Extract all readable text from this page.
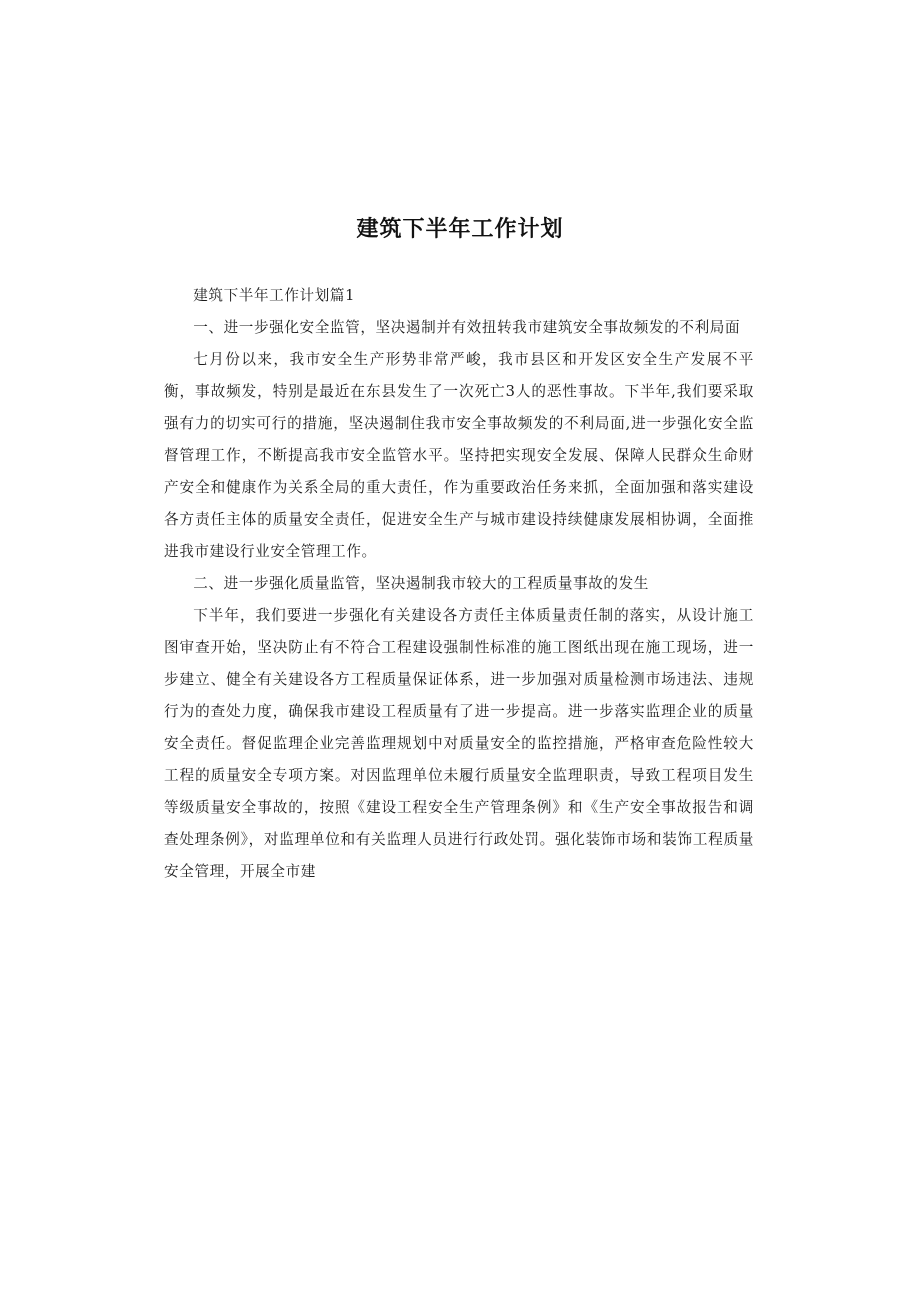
建筑下半年工作计划

建筑下半年工作计划篇1

一、进一步强化安全监管，坚决遏制并有效扭转我市建筑安全事故频发的不利局面

七月份以来，我市安全生产形势非常严峻，我市县区和开发区安全生产发展不平衡，事故频发，特别是最近在东县发生了一次死亡3人的恶性事故。下半年,我们要采取强有力的切实可行的措施，坚决遏制住我市安全事故频发的不利局面,进一步强化安全监督管理工作，不断提高我市安全监管水平。坚持把实现安全发展、保障人民群众生命财产安全和健康作为关系全局的重大责任，作为重要政治任务来抓，全面加强和落实建设各方责任主体的质量安全责任，促进安全生产与城市建设持续健康发展相协调，全面推进我市建设行业安全管理工作。

二、进一步强化质量监管，坚决遏制我市较大的工程质量事故的发生

下半年，我们要进一步强化有关建设各方责任主体质量责任制的落实，从设计施工图审查开始，坚决防止有不符合工程建设强制性标准的施工图纸出现在施工现场，进一步建立、健全有关建设各方工程质量保证体系，进一步加强对质量检测市场违法、违规行为的查处力度，确保我市建设工程质量有了进一步提高。进一步落实监理企业的质量安全责任。督促监理企业完善监理规划中对质量安全的监控措施，严格审查危险性较大工程的质量安全专项方案。对因监理单位未履行质量安全监理职责，导致工程项目发生等级质量安全事故的，按照《建设工程安全生产管理条例》和《生产安全事故报告和调查处理条例》，对监理单位和有关监理人员进行行政处罚。强化装饰市场和装饰工程质量安全管理，开展全市建
